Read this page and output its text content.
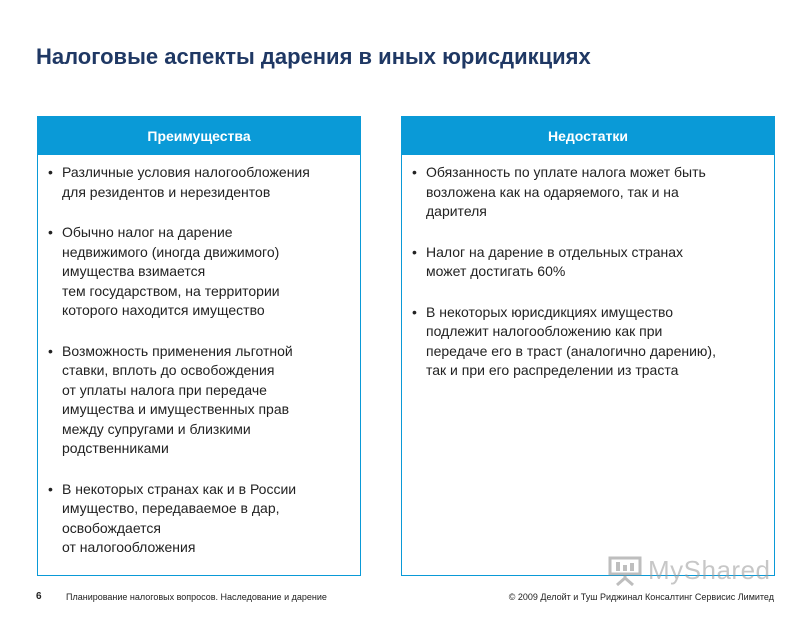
Налоговые аспекты дарения в иных юрисдикциях
Преимущества
• Различные условия налогообложения
для резидентов и нерезидентов
• Обычно налог на дарение
недвижимого (иногда движимого)
имущества взимается
тем государством, на территории
которого находится имущество
• Возможность применения льготной
ставки, вплоть до освобождения
от уплаты налога при передаче
имущества и имущественных прав
между супругами и близкими
родственниками
• В некоторых странах как и в России
имущество, передаваемое в дар,
освобождается
от налогообложения
Недостатки
• Обязанность по уплате налога может быть
возложена как на одаряемого, так и на
дарителя
• Налог на дарение в отдельных странах
может достигать 60%
• В некоторых юрисдикциях имущество
подлежит налогообложению как при
передаче его в траст (аналогично дарению),
так и при его распределении из траста
MyShared
6	Планирование налоговых вопросов. Наследование и дарение	© 2009 Делойт и Туш Риджинал Консалтинг Сервисис Лимитед
